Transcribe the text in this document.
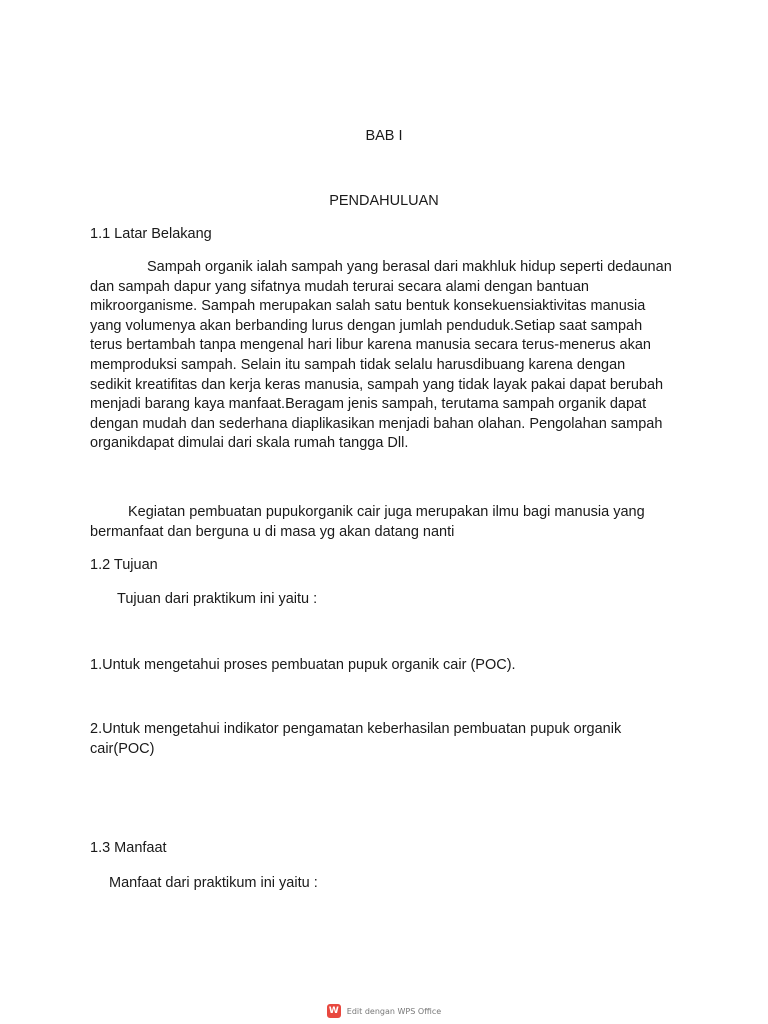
BAB I
PENDAHULUAN
1.1 Latar Belakang
Sampah organik ialah sampah yang berasal dari makhluk hidup seperti dedaunan
dan sampah dapur yang sifatnya mudah terurai secara alami dengan bantuan
mikroorganisme. Sampah merupakan salah satu bentuk konsekuensiaktivitas manusia
yang volumenya akan berbanding lurus dengan jumlah penduduk.Setiap saat sampah
terus bertambah tanpa mengenal hari libur karena manusia secara terus-menerus akan
memproduksi sampah. Selain itu sampah tidak selalu harusdibuang karena dengan
sedikit kreatifitas dan kerja keras manusia, sampah yang tidak layak pakai dapat berubah
menjadi barang kaya manfaat.Beragam jenis sampah, terutama sampah organik dapat
dengan mudah dan sederhana diaplikasikan menjadi bahan olahan. Pengolahan sampah
organikdapat dimulai dari skala rumah tangga Dll.
Kegiatan pembuatan pupukorganik cair juga merupakan ilmu bagi manusia yang
bermanfaat dan berguna u di masa yg akan datang nanti
1.2 Tujuan
Tujuan dari praktikum ini yaitu :
1.Untuk mengetahui proses pembuatan pupuk organik cair (POC).
2.Untuk mengetahui indikator pengamatan keberhasilan pembuatan pupuk organik
cair(POC)
1.3 Manfaat
Manfaat dari praktikum ini yaitu :
W Edit dengan WPS Office
